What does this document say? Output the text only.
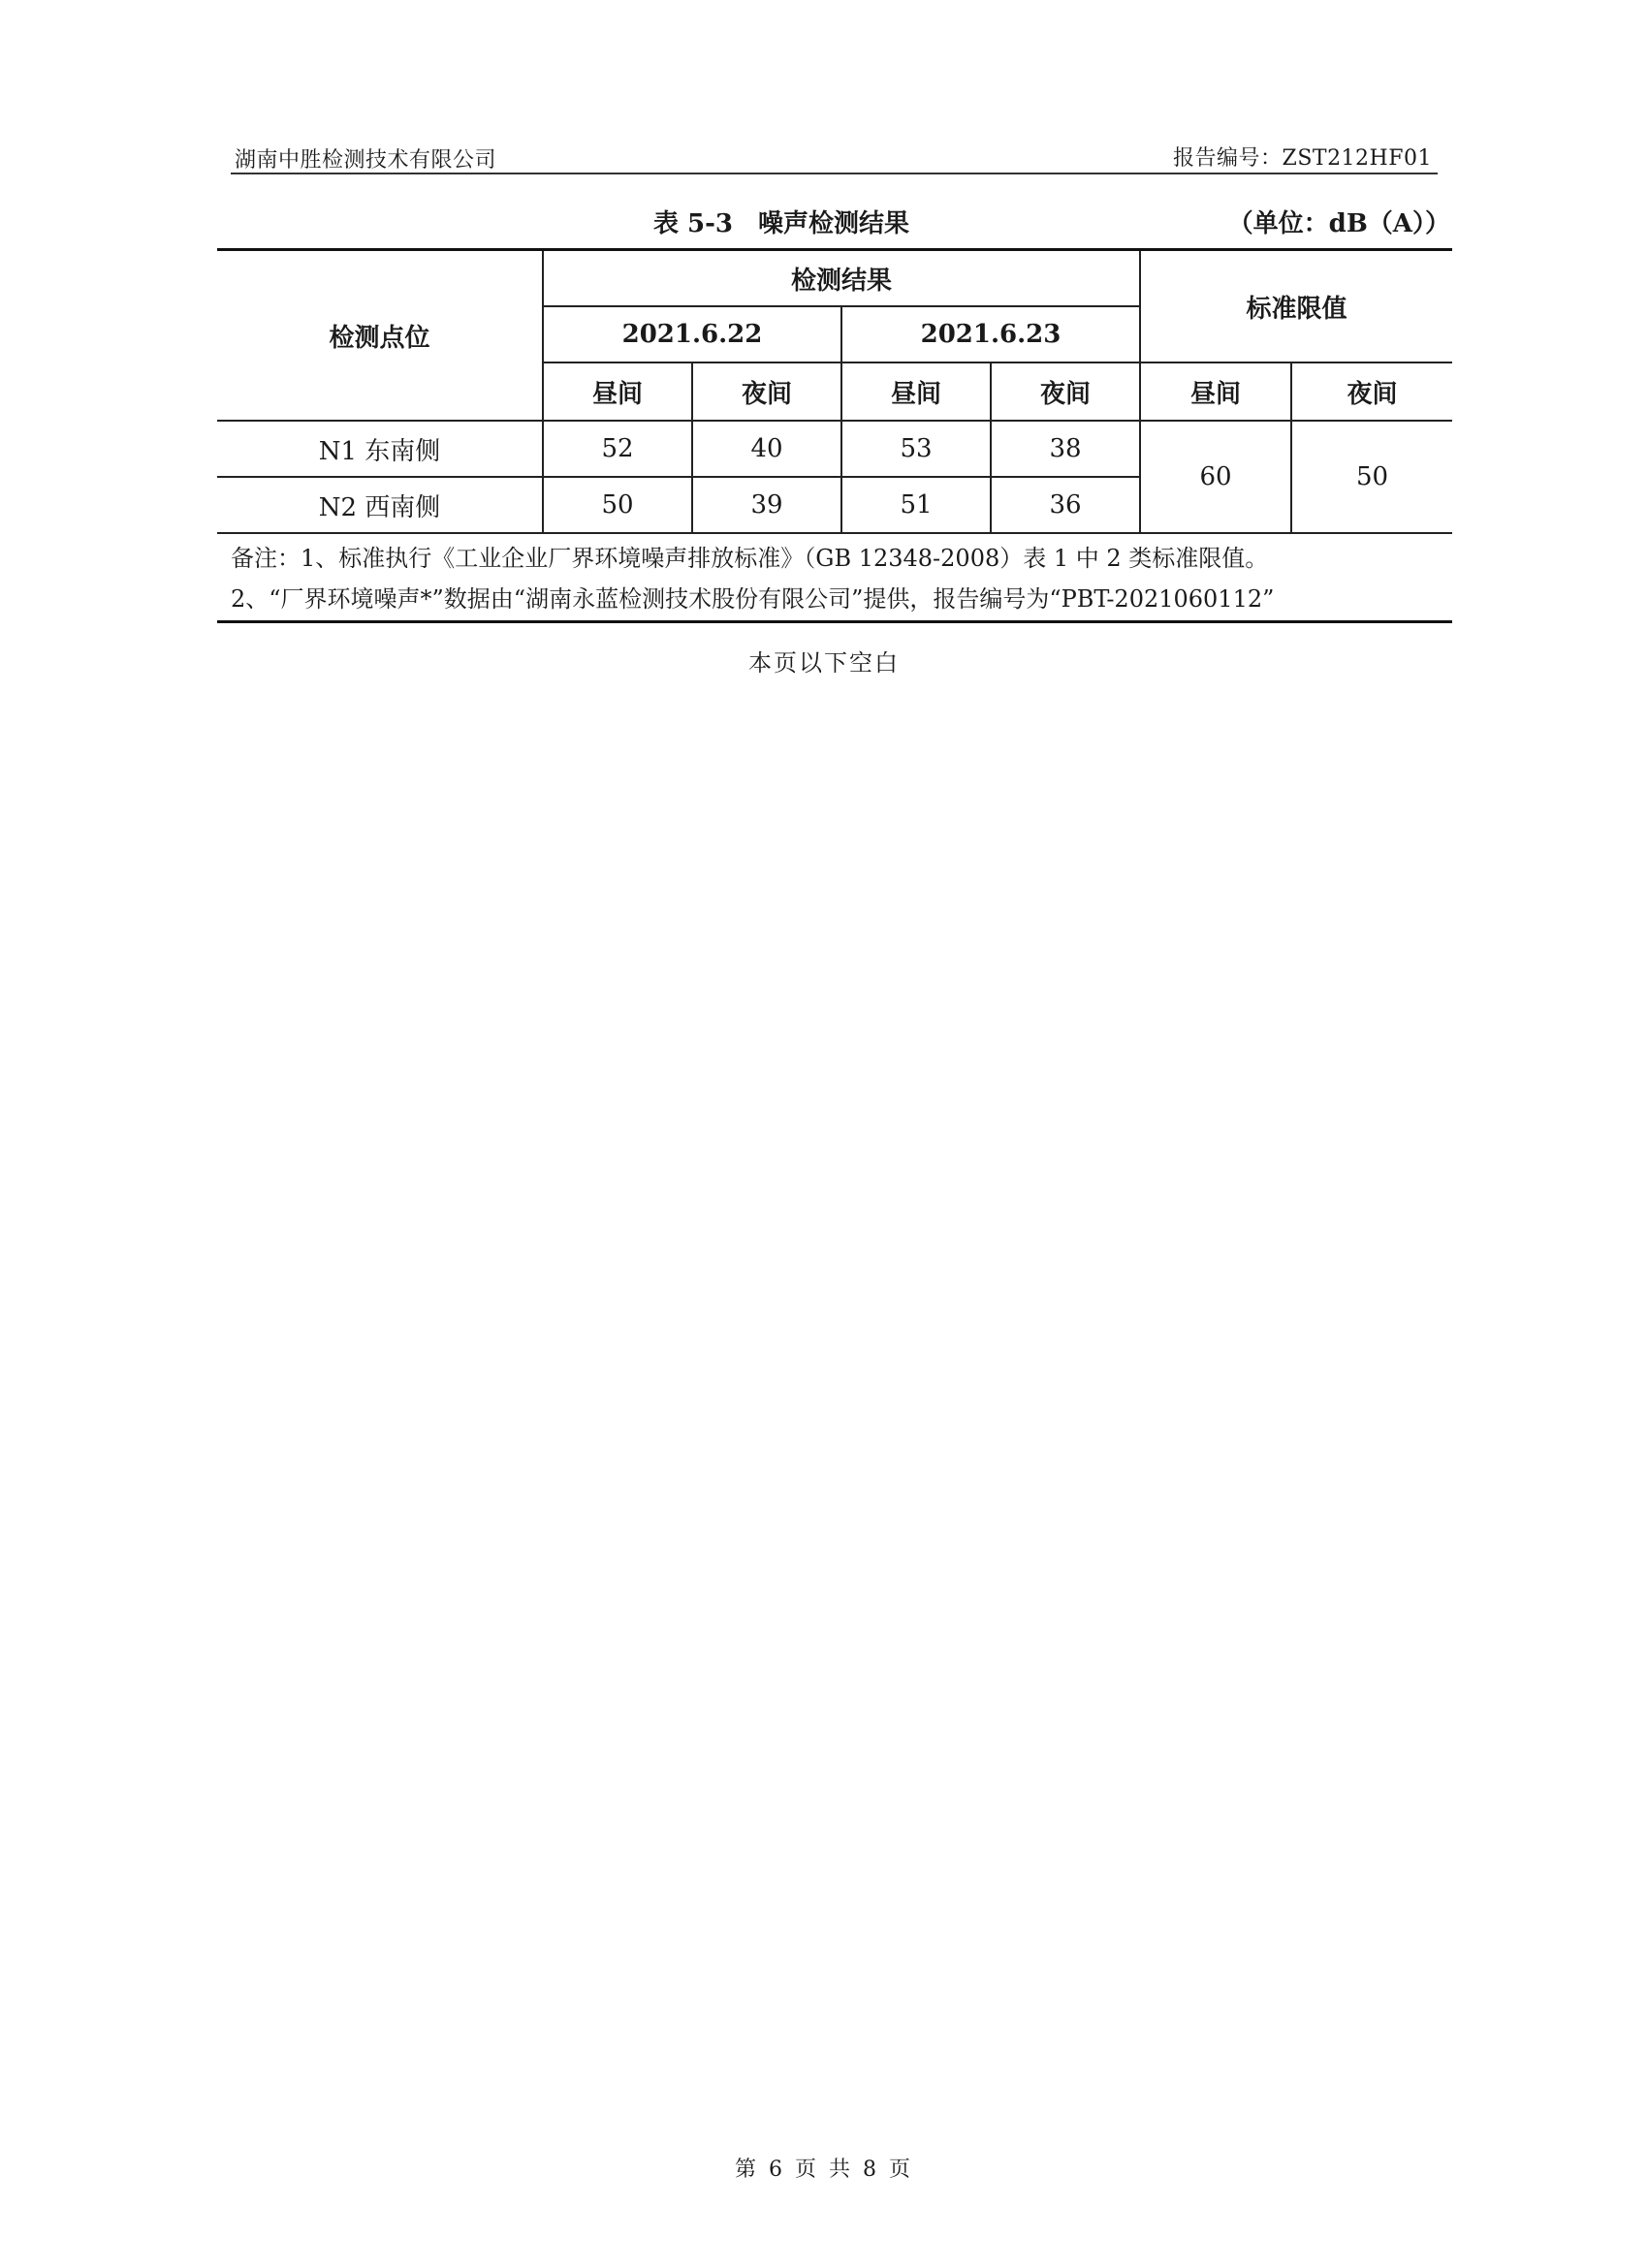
湖南中胜检测技术有限公司	报告编号：ZST212HF01
表 5-3　噪声检测结果	（单位：dB（A））
检测点位	检测结果				标准限值	
	2021.6.22		2021.6.23			
	昼间	夜间	昼间	夜间	昼间	夜间
N1 东南侧	52	40	53	38	60	50
N2 西南侧	50	39	51	36		
备注：1、标准执行《工业企业厂界环境噪声排放标准》（GB 12348-2008）表 1 中 2 类标准限值。
2、“厂界环境噪声*”数据由“湖南永蓝检测技术股份有限公司”提供，报告编号为“PBT-2021060112”
本页以下空白
第 6 页 共 8 页
